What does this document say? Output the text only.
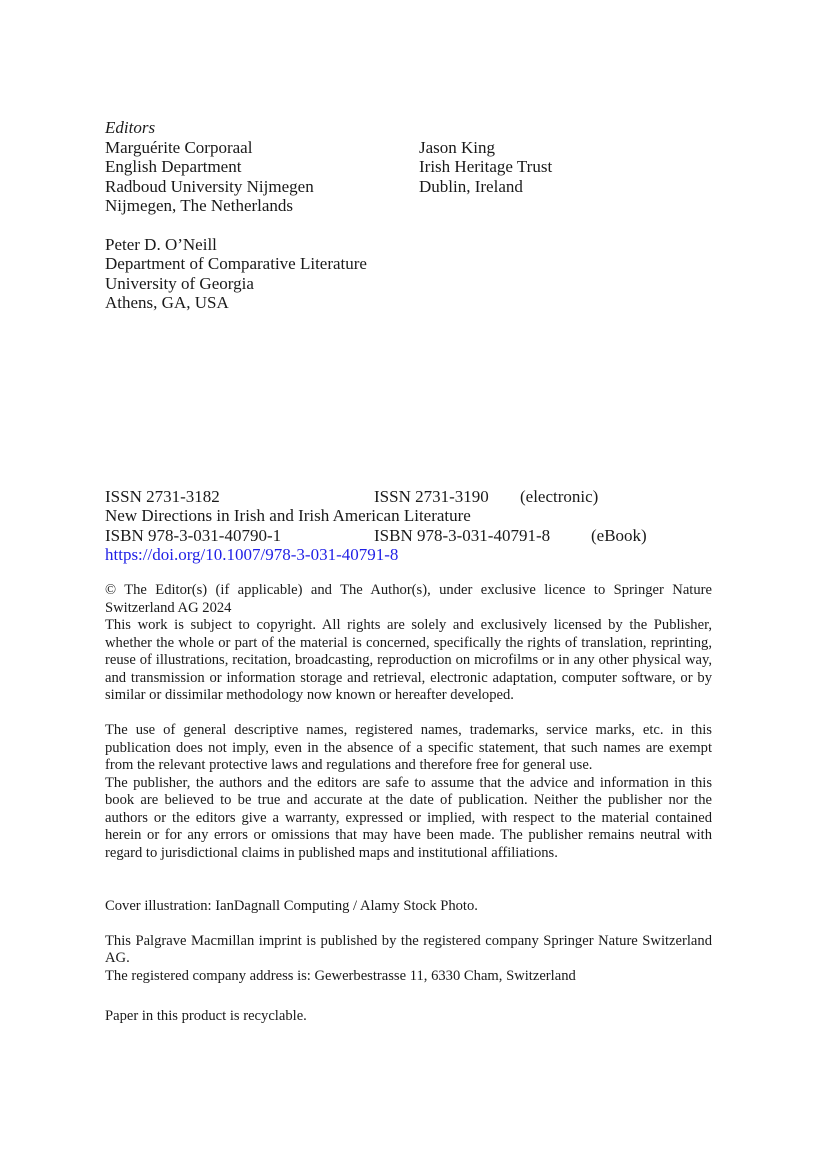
Editors
Marguérite Corporaal
English Department
Radboud University Nijmegen
Nijmegen, The Netherlands
Jason King
Irish Heritage Trust
Dublin, Ireland
Peter D. O’Neill
Department of Comparative Literature
University of Georgia
Athens, GA, USA
ISSN 2731-3182	ISSN 2731-3190 (electronic)
New Directions in Irish and Irish American Literature
ISBN 978-3-031-40790-1	ISBN 978-3-031-40791-8 (eBook)
https://doi.org/10.1007/978-3-031-40791-8
© The Editor(s) (if applicable) and The Author(s), under exclusive licence to Springer Nature Switzerland AG 2024
This work is subject to copyright. All rights are solely and exclusively licensed by the Publisher, whether the whole or part of the material is concerned, specifically the rights of translation, reprinting, reuse of illustrations, recitation, broadcasting, reproduction on microfilms or in any other physical way, and transmission or information storage and retrieval, electronic adaptation, computer software, or by similar or dissimilar methodology now known or hereafter developed.
The use of general descriptive names, registered names, trademarks, service marks, etc. in this publication does not imply, even in the absence of a specific statement, that such names are exempt from the relevant protective laws and regulations and therefore free for general use.
The publisher, the authors and the editors are safe to assume that the advice and information in this book are believed to be true and accurate at the date of publication. Neither the publisher nor the authors or the editors give a warranty, expressed or implied, with respect to the material contained herein or for any errors or omissions that may have been made. The publisher remains neutral with regard to jurisdictional claims in published maps and institutional affiliations.
Cover illustration: IanDagnall Computing / Alamy Stock Photo.
This Palgrave Macmillan imprint is published by the registered company Springer Nature Switzerland AG.
The registered company address is: Gewerbestrasse 11, 6330 Cham, Switzerland
Paper in this product is recyclable.
